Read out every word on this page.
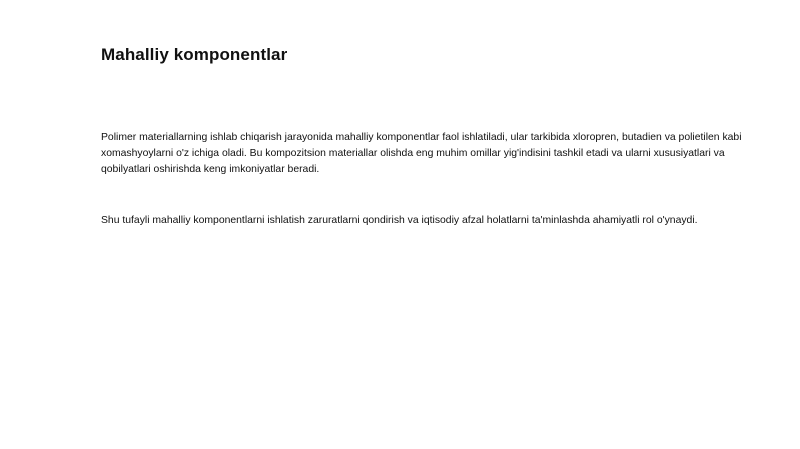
Mahalliy komponentlar

Polimer materiallarning ishlab chiqarish jarayonida mahalliy komponentlar faol ishlatiladi, ular tarkibida xloropren, butadien va polietilen kabi xomashyoylarni o'z ichiga oladi. Bu kompozitsion materiallar olishda eng muhim omillar yig'indisini tashkil etadi va ularni xususiyatlari va qobilyatlari oshirishda keng imkoniyatlar beradi.

Shu tufayli mahalliy komponentlarni ishlatish zaruratlarni qondirish va iqtisodiy afzal holatlarni ta'minlashda ahamiyatli rol o'ynaydi.
